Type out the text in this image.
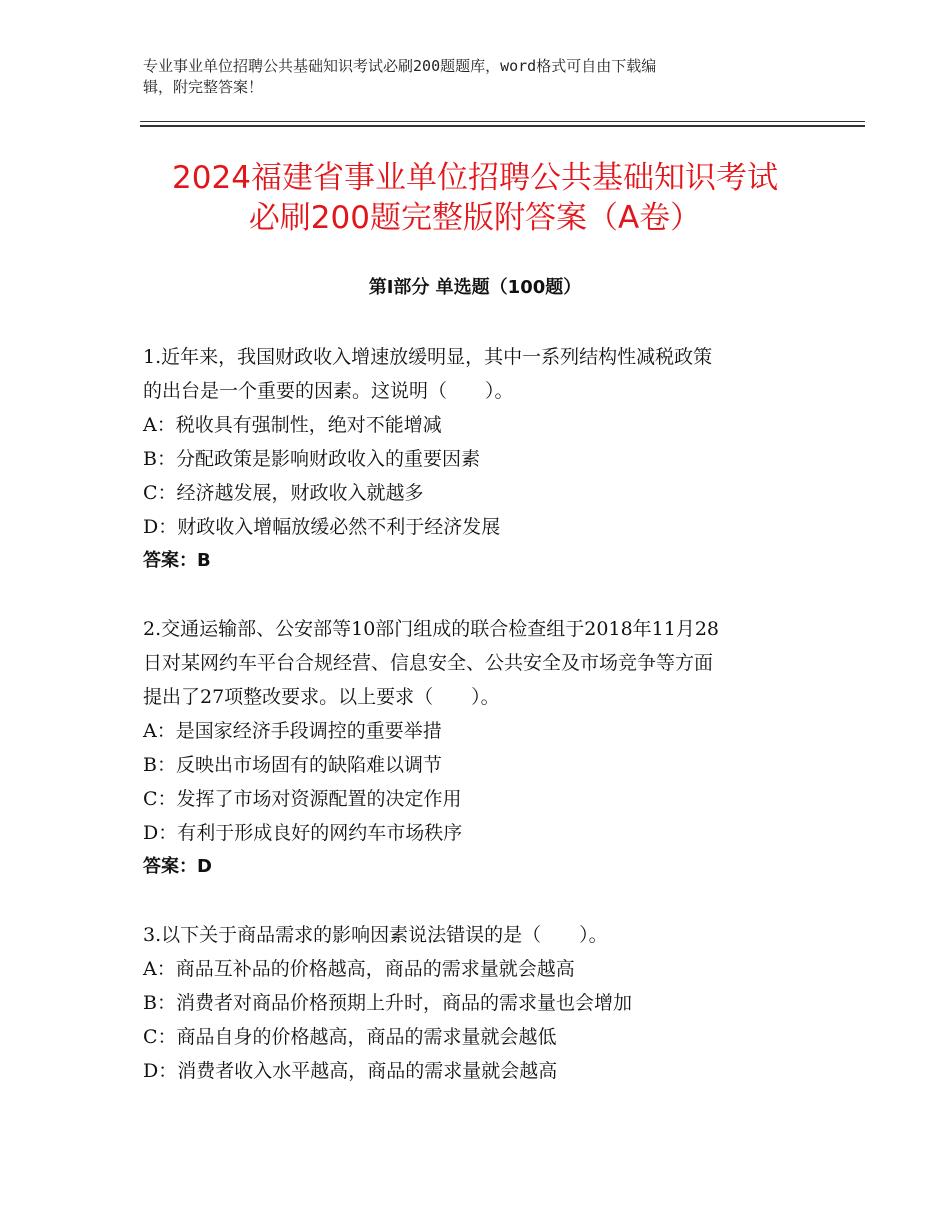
专业事业单位招聘公共基础知识考试必刷200题题库，word格式可自由下载编
辑，附完整答案！
2024福建省事业单位招聘公共基础知识考试
必刷200题完整版附答案（A卷）
第Ⅰ部分 单选题（100题）
1.近年来，我国财政收入增速放缓明显，其中一系列结构性减税政策
的出台是一个重要的因素。这说明（　　）。
A：税收具有强制性，绝对不能增减
B：分配政策是影响财政收入的重要因素
C：经济越发展，财政收入就越多
D：财政收入增幅放缓必然不利于经济发展
答案：B
2.交通运输部、公安部等10部门组成的联合检查组于2018年11月28
日对某网约车平台合规经营、信息安全、公共安全及市场竞争等方面
提出了27项整改要求。以上要求（　　）。
A：是国家经济手段调控的重要举措
B：反映出市场固有的缺陷难以调节
C：发挥了市场对资源配置的决定作用
D：有利于形成良好的网约车市场秩序
答案：D
3.以下关于商品需求的影响因素说法错误的是（　　）。
A：商品互补品的价格越高，商品的需求量就会越高
B：消费者对商品价格预期上升时，商品的需求量也会增加
C：商品自身的价格越高，商品的需求量就会越低
D：消费者收入水平越高，商品的需求量就会越高
